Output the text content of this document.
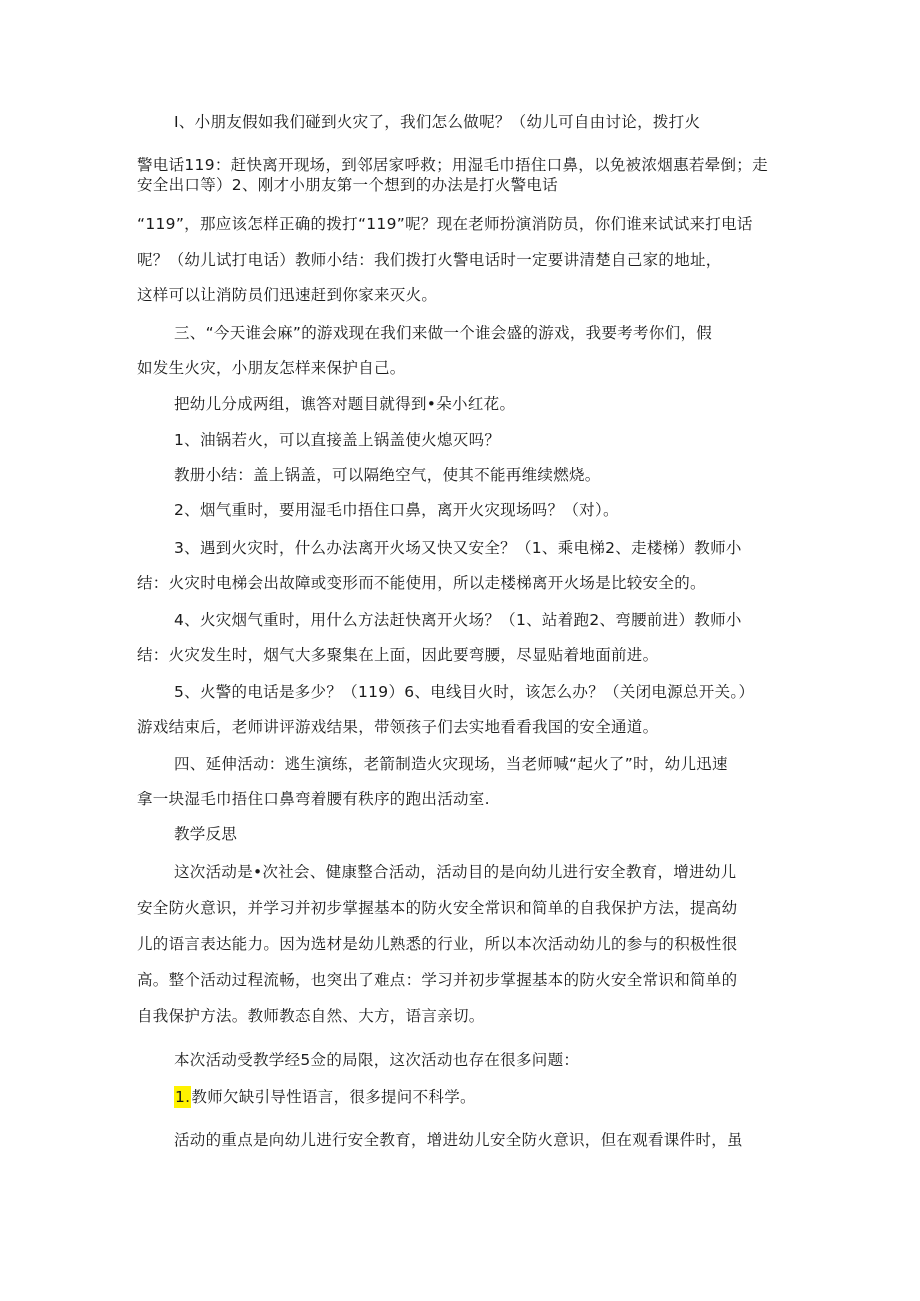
I、小朋友假如我们碰到火灾了，我们怎么做呢？（幼儿可自由讨论，拨打火
警电话119：赶快离开现场，到邻居家呼救；用湿毛巾捂住口鼻，以免被浓烟惠若晕倒；走
安全出口等）2、刚才小朋友第一个想到的办法是打火警电话
“119”，那应该怎样正确的拨打“119”呢？现在老师扮演消防员，你们谁来试试来打电话
呢？（幼儿试打电话）教师小结：我们拨打火警电话时一定要讲清楚自己家的地址，
这样可以让消防员们迅速赶到你家来灭火。
三、“今天谁会麻”的游戏现在我们来做一个谁会盛的游戏，我要考考你们，假
如发生火灾，小朋友怎样来保护自己。
把幼儿分成两组，谯答对题目就得到•朵小红花。
1、油锅若火，可以直接盖上锅盖使火熄灭吗？
教册小结：盖上锅盖，可以隔绝空气，使其不能再维续燃烧。
2、烟气重时，要用湿毛巾捂住口鼻，离开火灾现场吗？（对）。
3、遇到火灾时，什么办法离开火场又快又安全？（1、乘电梯2、走楼梯）教师小
结：火灾时电梯会出故障或变形而不能使用，所以走楼梯离开火场是比较安全的。
4、火灾烟气重时，用什么方法赶快离开火场？（1、站着跑2、弯腰前进）教师小
结：火灾发生时，烟气大多聚集在上面，因此要弯腰，尽显贴着地面前进。
5、火警的电话是多少？（119）6、电线目火时，该怎么办？（关闭电源总开关。）
游戏结束后，老师讲评游戏结果，带领孩子们去实地看看我国的安全通道。
四、延伸活动：逃生演练，老箭制造火灾现场，当老师喊“起火了”时，幼儿迅速
拿一块湿毛巾捂住口鼻弯着腰有秩序的跑出活动室.
教学反思
这次活动是•次社会、健康整合活动，活动目的是向幼儿进行安全教育，增进幼儿
安全防火意识，并学习并初步掌握基本的防火安全常识和简单的自我保护方法，提高幼
儿的语言表达能力。因为选材是幼儿熟悉的行业，所以本次活动幼儿的参与的积极性很
高。整个活动过程流畅，也突出了难点：学习并初步掌握基本的防火安全常识和简单的
自我保护方法。教师教态自然、大方，语言亲切。
本次活动受教学经5佥的局限，这次活动也存在很多问题：
1.教师欠缺引导性语言，很多提问不科学。
活动的重点是向幼儿进行安全教育，增进幼儿安全防火意识，但在观看课件时，虽
